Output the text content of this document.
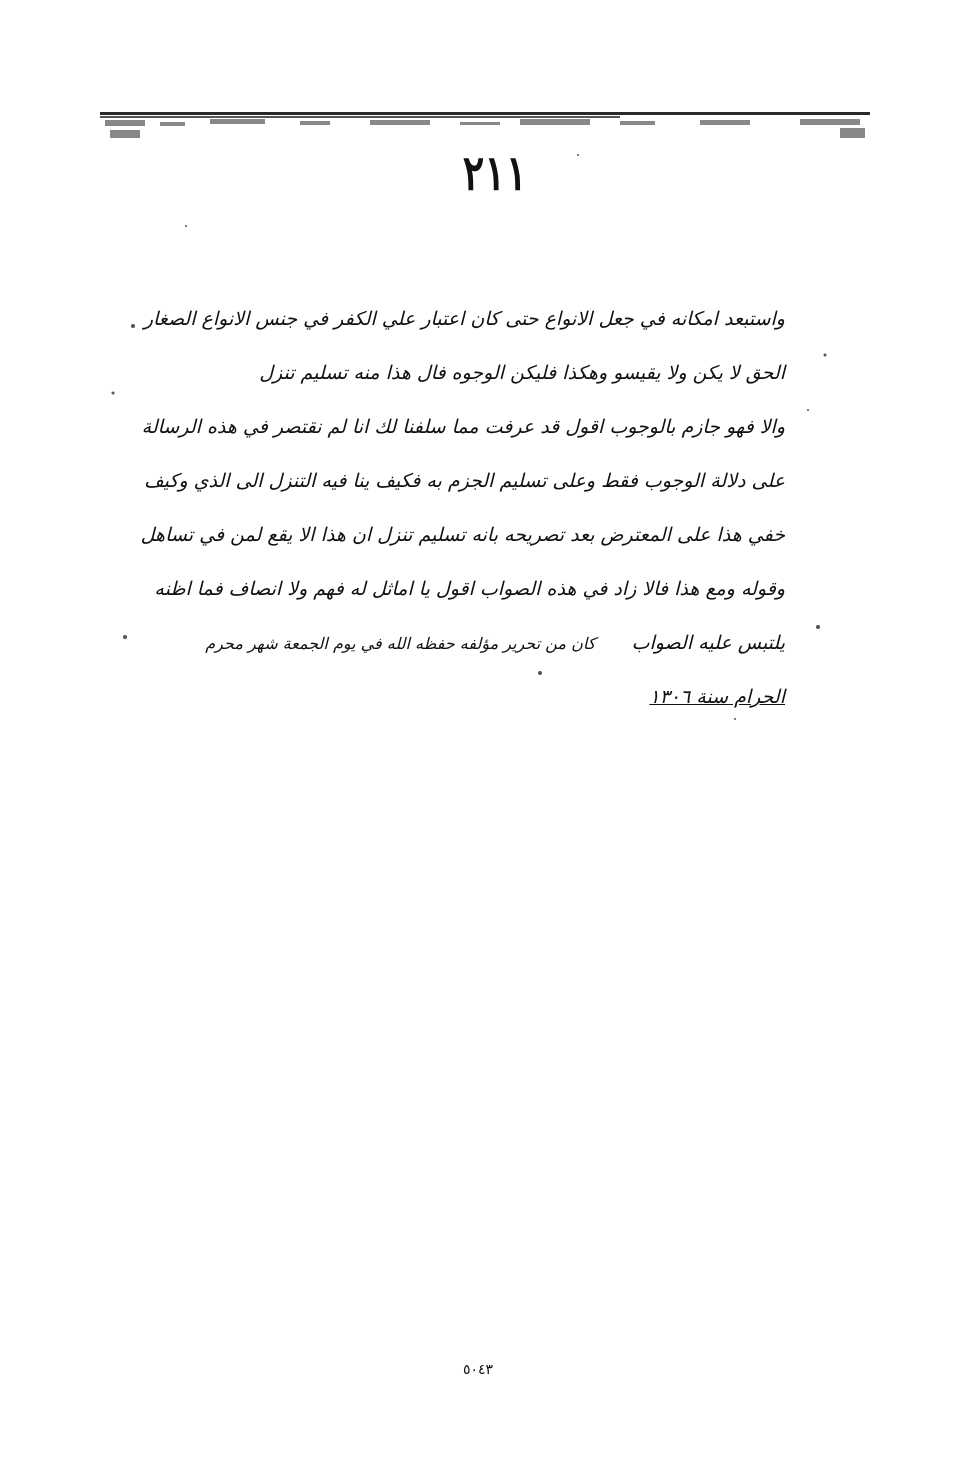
٢١١
واستبعد امكانه في جعل الانواع حتى كان اعتبار علي الكفر في جنس الانواع الصغار
الحق لا يكن ولا يقيسو وهكذا فليكن الوجوه فال هذا منه تسليم تنزل
والا فهو جازم بالوجوب اقول قد عرفت مما سلفنا لك انا لم نقتصر في هذه الرسالة
على دلالة الوجوب فقط وعلى تسليم الجزم به فكيف ينا فيه التنزل الى الذي وكيف
خفي هذا على المعترض بعد تصريحه بانه تسليم تنزل ان هذا الا يقع لمن في تساهل
وقوله ومع هذا فالا زاد في هذه الصواب اقول يا اماثل له فهم ولا انصاف فما اظنه
يلتبس عليه الصواب      كان من تحرير مؤلفه حفظه الله في يوم الجمعة شهر محرم
الحرام سنة ١٣٠٦
٥٠٤٣
